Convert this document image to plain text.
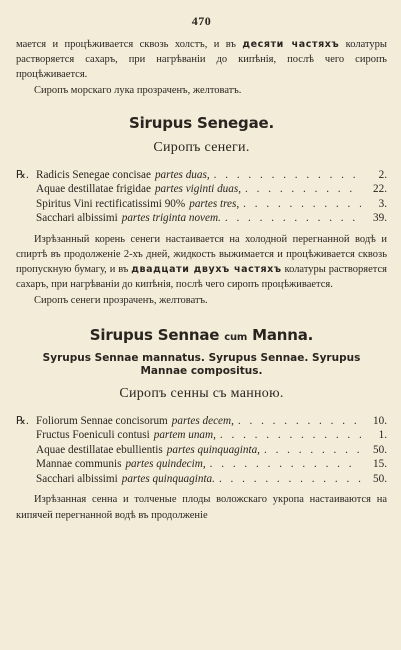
470

мается и процѣживается сквозь холстъ, и въ десяти частяхъ колатуры растворяется сахаръ, при нагрѣваніи до кипѣнія, послѣ чего сиропъ процѣживается.

Сиропъ морскаго лука прозраченъ, желтоватъ.

Sirupus Senegae.
Сиропъ сенеги.
℞. Radicis Senegae concisae partes duas, . . .	2.
Aquae destillatae frigidae partes viginti duas, . . .	22.
Spiritus Vini rectificatissimi 90% partes tres, . . .	3.
Sacchari albissimi partes triginta novem. . . .	39.

Изрѣзанный корень сенеги настаивается на холодной перегнанной водѣ и спиртѣ въ продолженіе 2-хъ дней, жидкость выжимается и процѣживается сквозь пропускную бумагу, и въ двадцати двухъ частяхъ колатуры растворяется сахаръ, при нагрѣваніи до кипѣнія, послѣ чего сиропъ процѣживается.

Сиропъ сенеги прозраченъ, желтоватъ.

Sirupus Sennae cum Manna.
Syrupus Sennae mannatus. Syrupus Sennae. Syrupus Mannae compositus.
Сиропъ сенны съ манною.
℞. Foliorum Sennae concisorum partes decem, . . .	10.
Fructus Foeniculi contusi partem unam, . . .	1.
Aquae destillatae ebullientis partes quinquaginta, . . .	50.
Mannae communis partes quindecim, . . .	15.
Sacchari albissimi partes quinquaginta. . . .	50.

Изрѣзанная сенна и толченые плоды воложскаго укропа настаиваются на кипячей перегнанной водѣ въ продолженіе
